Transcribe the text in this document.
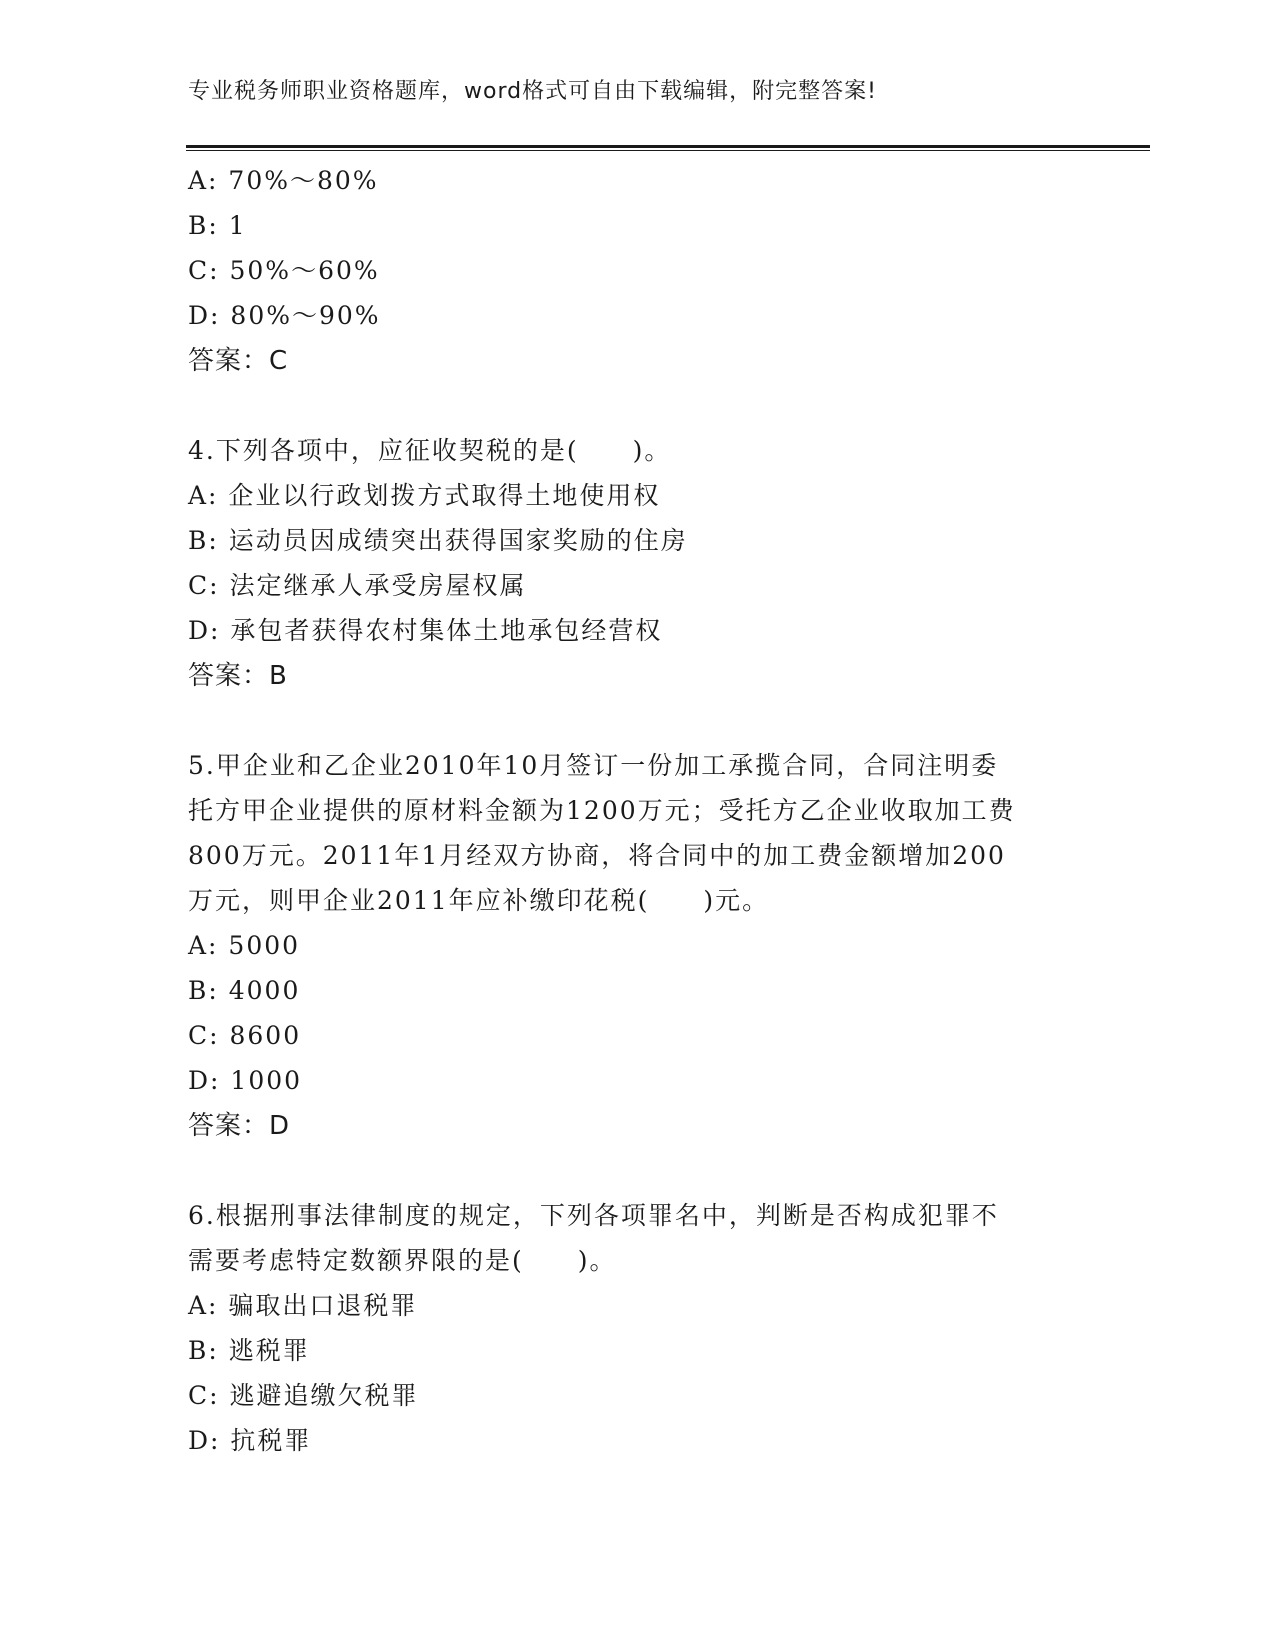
专业税务师职业资格题库，word格式可自由下载编辑，附完整答案!
A: 70%～80%
B: 1
C: 50%～60%
D: 80%～90%
答案：C
4.下列各项中，应征收契税的是(　　)。
A: 企业以行政划拨方式取得土地使用权
B: 运动员因成绩突出获得国家奖励的住房
C: 法定继承人承受房屋权属
D: 承包者获得农村集体土地承包经营权
答案：B
5.甲企业和乙企业2010年10月签订一份加工承揽合同，合同注明委
托方甲企业提供的原材料金额为1200万元；受托方乙企业收取加工费
800万元。2011年1月经双方协商，将合同中的加工费金额增加200
万元，则甲企业2011年应补缴印花税(　　)元。
A: 5000
B: 4000
C: 8600
D: 1000
答案：D
6.根据刑事法律制度的规定，下列各项罪名中，判断是否构成犯罪不
需要考虑特定数额界限的是(　　)。
A: 骗取出口退税罪
B: 逃税罪
C: 逃避追缴欠税罪
D: 抗税罪
